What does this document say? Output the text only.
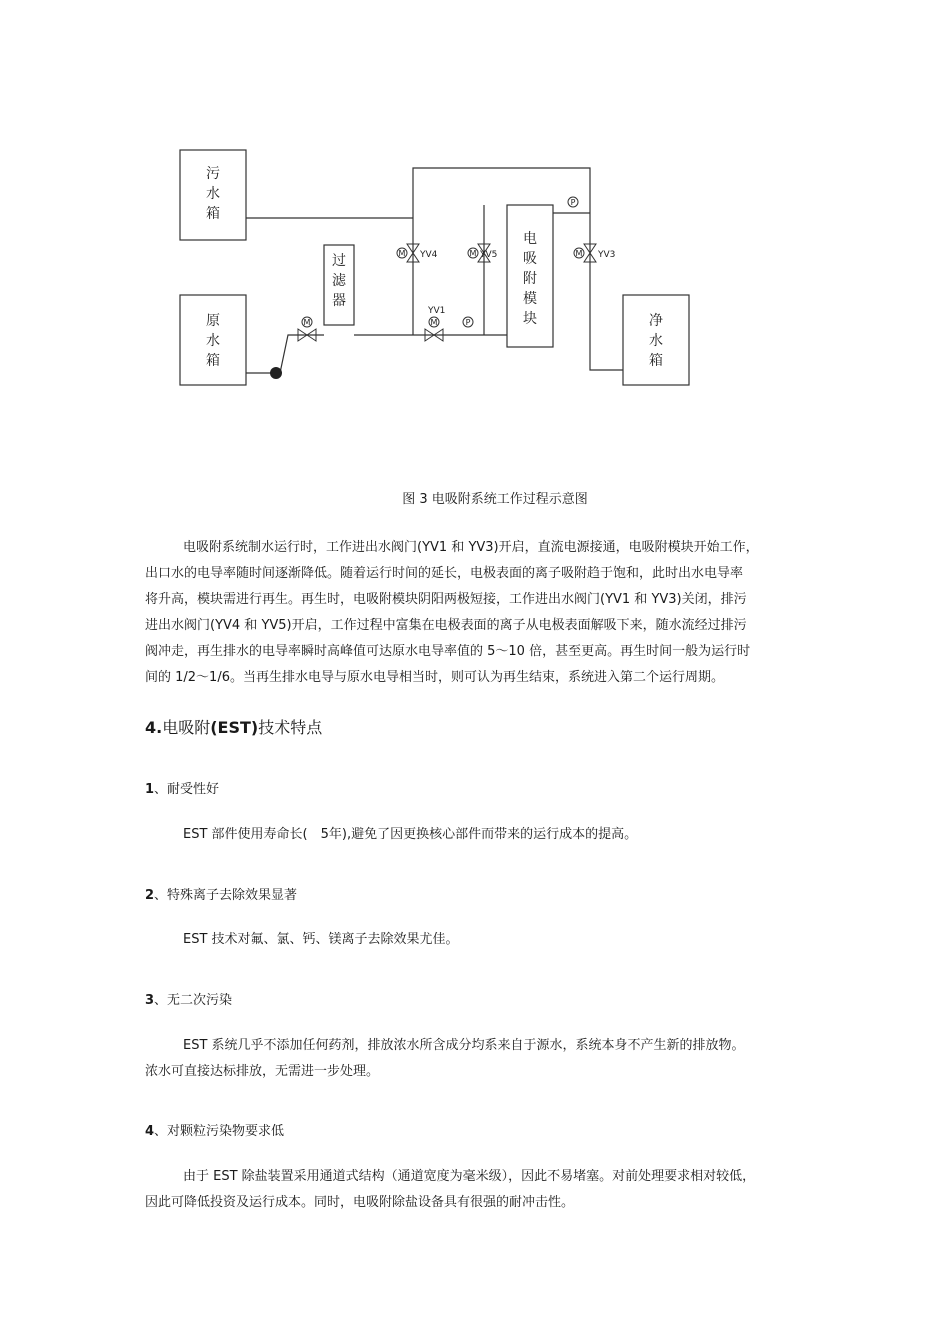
污
水
箱
原
水
箱
过
滤
器
电
吸
附
模
块	净
水
箱
M	M
M	M	M
P
P
YV1
YV4	YV5	YV3
图 3 电吸附系统工作过程示意图
电吸附系统制水运行时，工作进出水阀门(YV1 和 YV3)开启，直流电源接通，电吸附模块开始工作，
出口水的电导率随时间逐渐降低。随着运行时间的延长，电极表面的离子吸附趋于饱和，此时出水电导率
将升高，模块需进行再生。再生时，电吸附模块阴阳两极短接，工作进出水阀门(YV1 和 YV3)关闭，排污
进出水阀门(YV4 和 YV5)开启，工作过程中富集在电极表面的离子从电极表面解吸下来，随水流经过排污
阀冲走，再生排水的电导率瞬时高峰值可达原水电导率值的 5～10 倍，甚至更高。再生时间一般为运行时
间的 1/2～1/6。当再生排水电导与原水电导相当时，则可认为再生结束，系统进入第二个运行周期。
4.电吸附(EST)技术特点
1、耐受性好
EST 部件使用寿命长(　5年),避免了因更换核心部件而带来的运行成本的提高。
2、特殊离子去除效果显著
EST 技术对氟、氯、钙、镁离子去除效果尤佳。
3、无二次污染
EST 系统几乎不添加任何药剂，排放浓水所含成分均系来自于源水，系统本身不产生新的排放物。
浓水可直接达标排放，无需进一步处理。
4、对颗粒污染物要求低
由于 EST 除盐装置采用通道式结构（通道宽度为毫米级），因此不易堵塞。对前处理要求相对较低，
因此可降低投资及运行成本。同时，电吸附除盐设备具有很强的耐冲击性。
